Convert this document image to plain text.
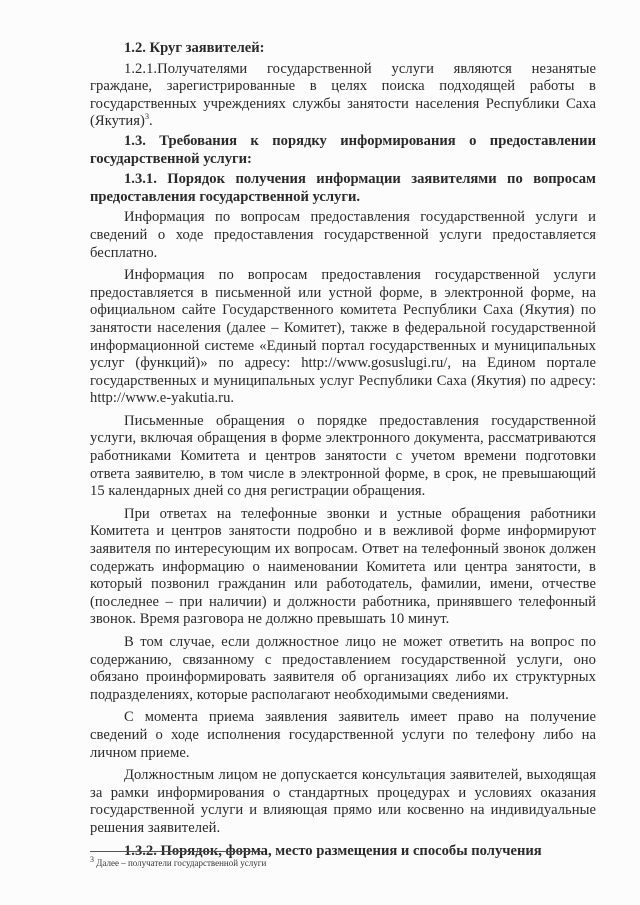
1.2. Круг заявителей:

1.2.1.Получателями государственной услуги являются незанятые граждане, зарегистрированные в целях поиска подходящей работы в государственных учреждениях службы занятости населения Республики Саха (Якутия)$^3$.

1.3. Требования к порядку информирования о предоставлении государственной услуги:

1.3.1. Порядок получения информации заявителями по вопросам предоставления государственной услуги.

Информация по вопросам предоставления государственной услуги и сведений о ходе предоставления государственной услуги предоставляется бесплатно.

Информация по вопросам предоставления государственной услуги предоставляется в письменной или устной форме, в электронной форме, на официальном сайте Государственного комитета Республики Саха (Якутия) по занятости населения (далее – Комитет), также в федеральной государственной информационной системе «Единый портал государственных и муниципальных услуг (функций)» по адресу: http://www.gosuslugi.ru/, на Едином портале государственных и муниципальных услуг Республики Саха (Якутия) по адресу: http://www.e-yakutia.ru.

Письменные обращения о порядке предоставления государственной услуги, включая обращения в форме электронного документа, рассматриваются работниками Комитета и центров занятости с учетом времени подготовки ответа заявителю, в том числе в электронной форме, в срок, не превышающий 15 календарных дней со дня регистрации обращения.

При ответах на телефонные звонки и устные обращения работники Комитета и центров занятости подробно и в вежливой форме информируют заявителя по интересующим их вопросам. Ответ на телефонный звонок должен содержать информацию о наименовании Комитета или центра занятости, в который позвонил гражданин или работодатель, фамилии, имени, отчестве (последнее – при наличии) и должности работника, принявшего телефонный звонок. Время разговора не должно превышать 10 минут.

В том случае, если должностное лицо не может ответить на вопрос по содержанию, связанному с предоставлением государственной услуги, оно обязано проинформировать заявителя об организациях либо их структурных подразделениях, которые располагают необходимыми сведениями.

С момента приема заявления заявитель имеет право на получение сведений о ходе исполнения государственной услуги по телефону либо на личном приеме.

Должностным лицом не допускается консультация заявителей, выходящая за рамки информирования о стандартных процедурах и условиях оказания государственной услуги и влияющая прямо или косвенно на индивидуальные решения заявителей.

1.3.2. Порядок, форма, место размещения и способы получения

$^3$ Далее – получатели государственной услуги
